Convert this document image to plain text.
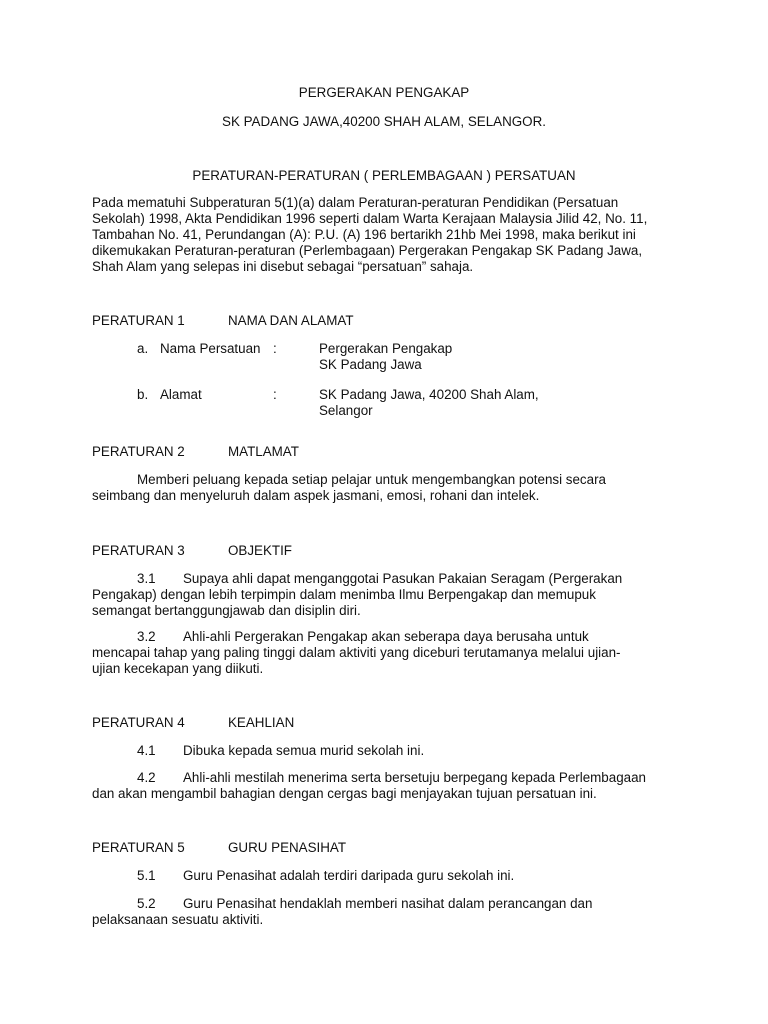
PERGERAKAN PENGAKAP
SK PADANG JAWA,40200 SHAH ALAM, SELANGOR.
PERATURAN-PERATURAN ( PERLEMBAGAAN ) PERSATUAN
Pada mematuhi Subperaturan 5(1)(a) dalam Peraturan-peraturan Pendidikan (Persatuan Sekolah) 1998, Akta Pendidikan 1996 seperti dalam Warta Kerajaan Malaysia Jilid 42, No. 11, Tambahan No. 41, Perundangan (A): P.U. (A) 196 bertarikh 21hb Mei 1998, maka berikut ini dikemukakan Peraturan-peraturan (Perlembagaan) Pergerakan Pengakap SK Padang Jawa, Shah Alam yang selepas ini disebut sebagai “persatuan” sahaja.
PERATURAN 1	NAMA DAN ALAMAT
a. Nama Persatuan :	Pergerakan Pengakap
SK Padang Jawa
b. Alamat	:	SK Padang Jawa, 40200 Shah Alam,
Selangor
PERATURAN 2	MATLAMAT
Memberi peluang kepada setiap pelajar untuk mengembangkan potensi secara
seimbang dan menyeluruh dalam aspek jasmani, emosi, rohani dan intelek.
PERATURAN 3	OBJEKTIF
3.1 Supaya ahli dapat menganggotai Pasukan Pakaian Seragam (Pergerakan
Pengakap) dengan lebih terpimpin dalam menimba Ilmu Berpengakap dan memupuk
semangat bertanggungjawab dan disiplin diri.
3.2 Ahli-ahli Pergerakan Pengakap akan seberapa daya berusaha untuk
mencapai tahap yang paling tinggi dalam aktiviti yang diceburi terutamanya melalui ujian-
ujian kecekapan yang diikuti.
PERATURAN 4	KEAHLIAN
4.1 Dibuka kepada semua murid sekolah ini.
4.2 Ahli-ahli mestilah menerima serta bersetuju berpegang kepada Perlembagaan
dan akan mengambil bahagian dengan cergas bagi menjayakan tujuan persatuan ini.
PERATURAN 5	GURU PENASIHAT
5.1 Guru Penasihat adalah terdiri daripada guru sekolah ini.
5.2 Guru Penasihat hendaklah memberi nasihat dalam perancangan dan
pelaksanaan sesuatu aktiviti.
